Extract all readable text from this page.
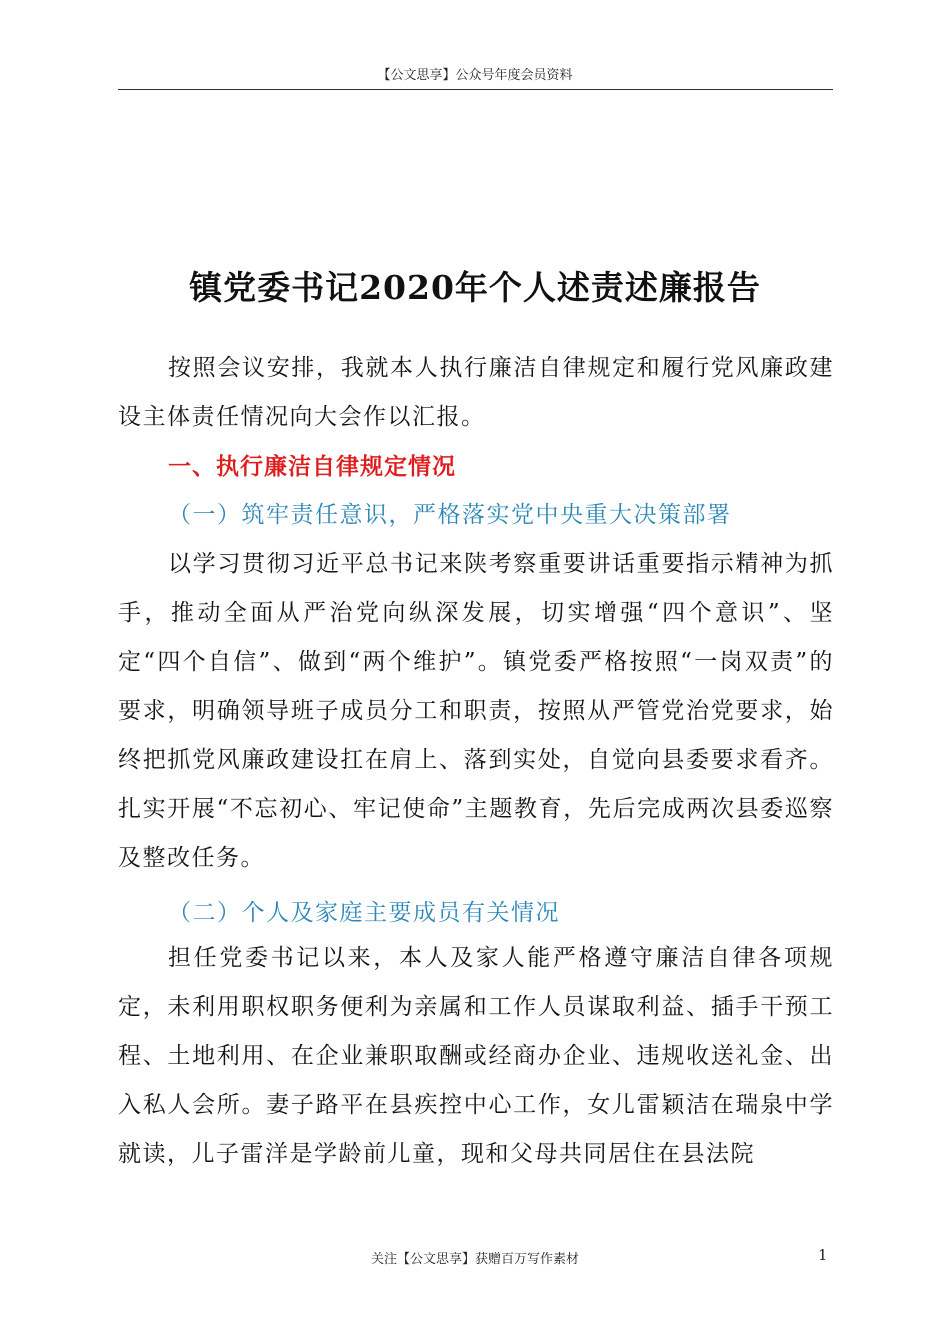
【公文思享】公众号年度会员资料
镇党委书记2020年个人述责述廉报告

按照会议安排，我就本人执行廉洁自律规定和履行党风廉政建设主体责任情况向大会作以汇报。

一、执行廉洁自律规定情况
（一）筑牢责任意识，严格落实党中央重大决策部署

以学习贯彻习近平总书记来陕考察重要讲话重要指示精神为抓手，推动全面从严治党向纵深发展，切实增强“四个意识”、坚定“四个自信”、做到“两个维护”。镇党委严格按照“一岗双责”的要求，明确领导班子成员分工和职责，按照从严管党治党要求，始终把抓党风廉政建设扛在肩上、落到实处，自觉向县委要求看齐。扎实开展“不忘初心、牢记使命”主题教育，先后完成两次县委巡察及整改任务。

（二）个人及家庭主要成员有关情况

担任党委书记以来，本人及家人能严格遵守廉洁自律各项规定，未利用职权职务便利为亲属和工作人员谋取利益、插手干预工程、土地利用、在企业兼职取酬或经商办企业、违规收送礼金、出入私人会所。妻子路平在县疾控中心工作，女儿雷颖洁在瑞泉中学就读，儿子雷洋是学龄前儿童，现和父母共同居住在县法院

关注【公文思享】获赠百万写作素材	1
